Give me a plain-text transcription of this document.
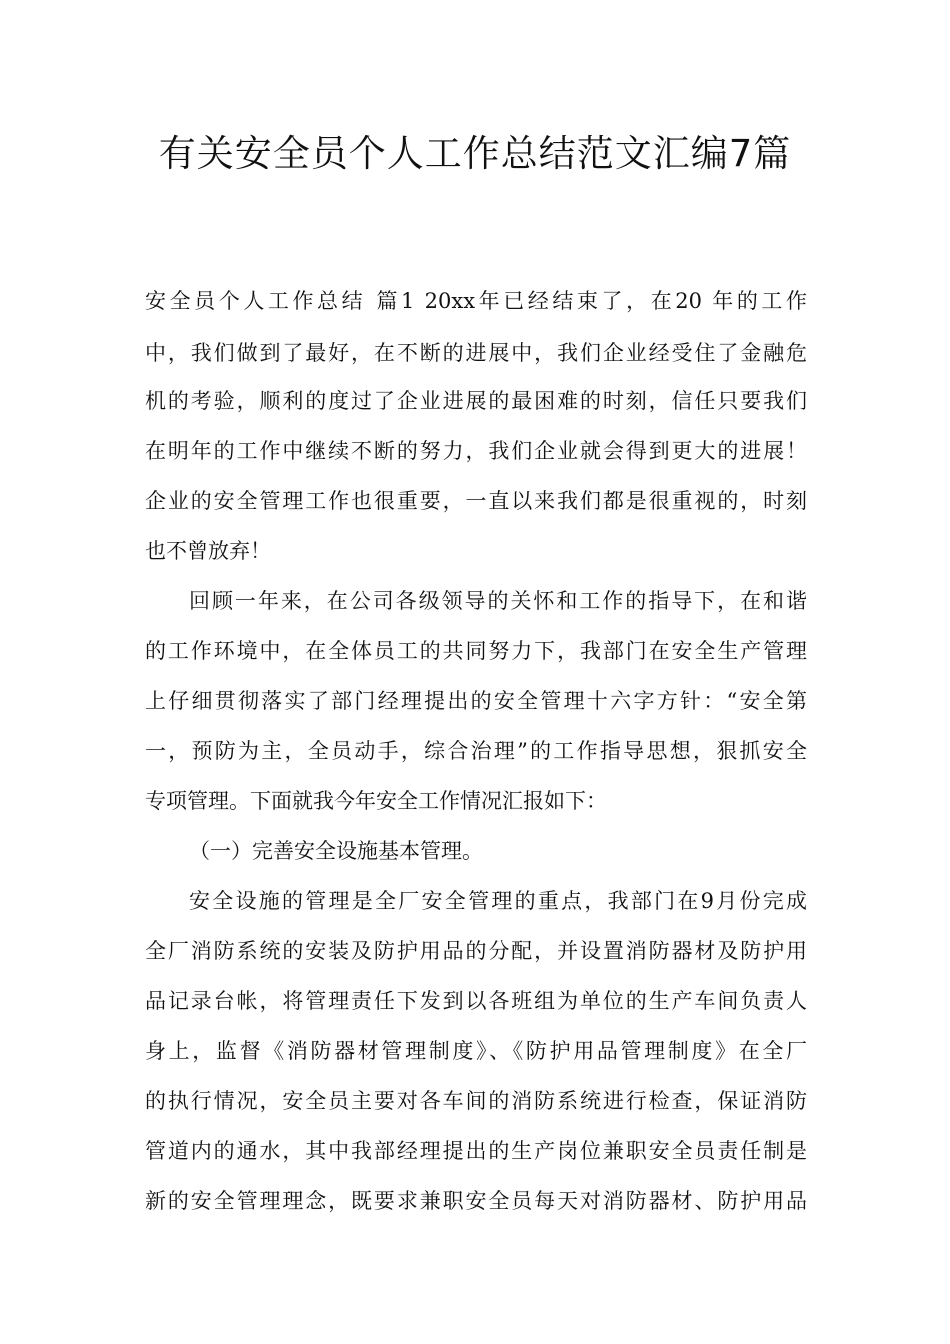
有关安全员个人工作总结范文汇编7篇
安全员个人工作总结 篇1 20xx年已经结束了，在20 年的工作
中，我们做到了最好，在不断的进展中，我们企业经受住了金融危
机的考验，顺利的度过了企业进展的最困难的时刻，信任只要我们
在明年的工作中继续不断的努力，我们企业就会得到更大的进展！
企业的安全管理工作也很重要，一直以来我们都是很重视的，时刻
也不曾放弃！
回顾一年来，在公司各级领导的关怀和工作的指导下，在和谐
的工作环境中，在全体员工的共同努力下，我部门在安全生产管理
上仔细贯彻落实了部门经理提出的安全管理十六字方针：“安全第
一，预防为主，全员动手，综合治理”的工作指导思想，狠抓安全
专项管理。下面就我今年安全工作情况汇报如下：
（一）完善安全设施基本管理。
安全设施的管理是全厂安全管理的重点，我部门在9月份完成
全厂消防系统的安装及防护用品的分配，并设置消防器材及防护用
品记录台帐，将管理责任下发到以各班组为单位的生产车间负责人
身上，监督《消防器材管理制度》、《防护用品管理制度》在全厂
的执行情况，安全员主要对各车间的消防系统进行检查，保证消防
管道内的通水，其中我部经理提出的生产岗位兼职安全员责任制是
新的安全管理理念，既要求兼职安全员每天对消防器材、防护用品
